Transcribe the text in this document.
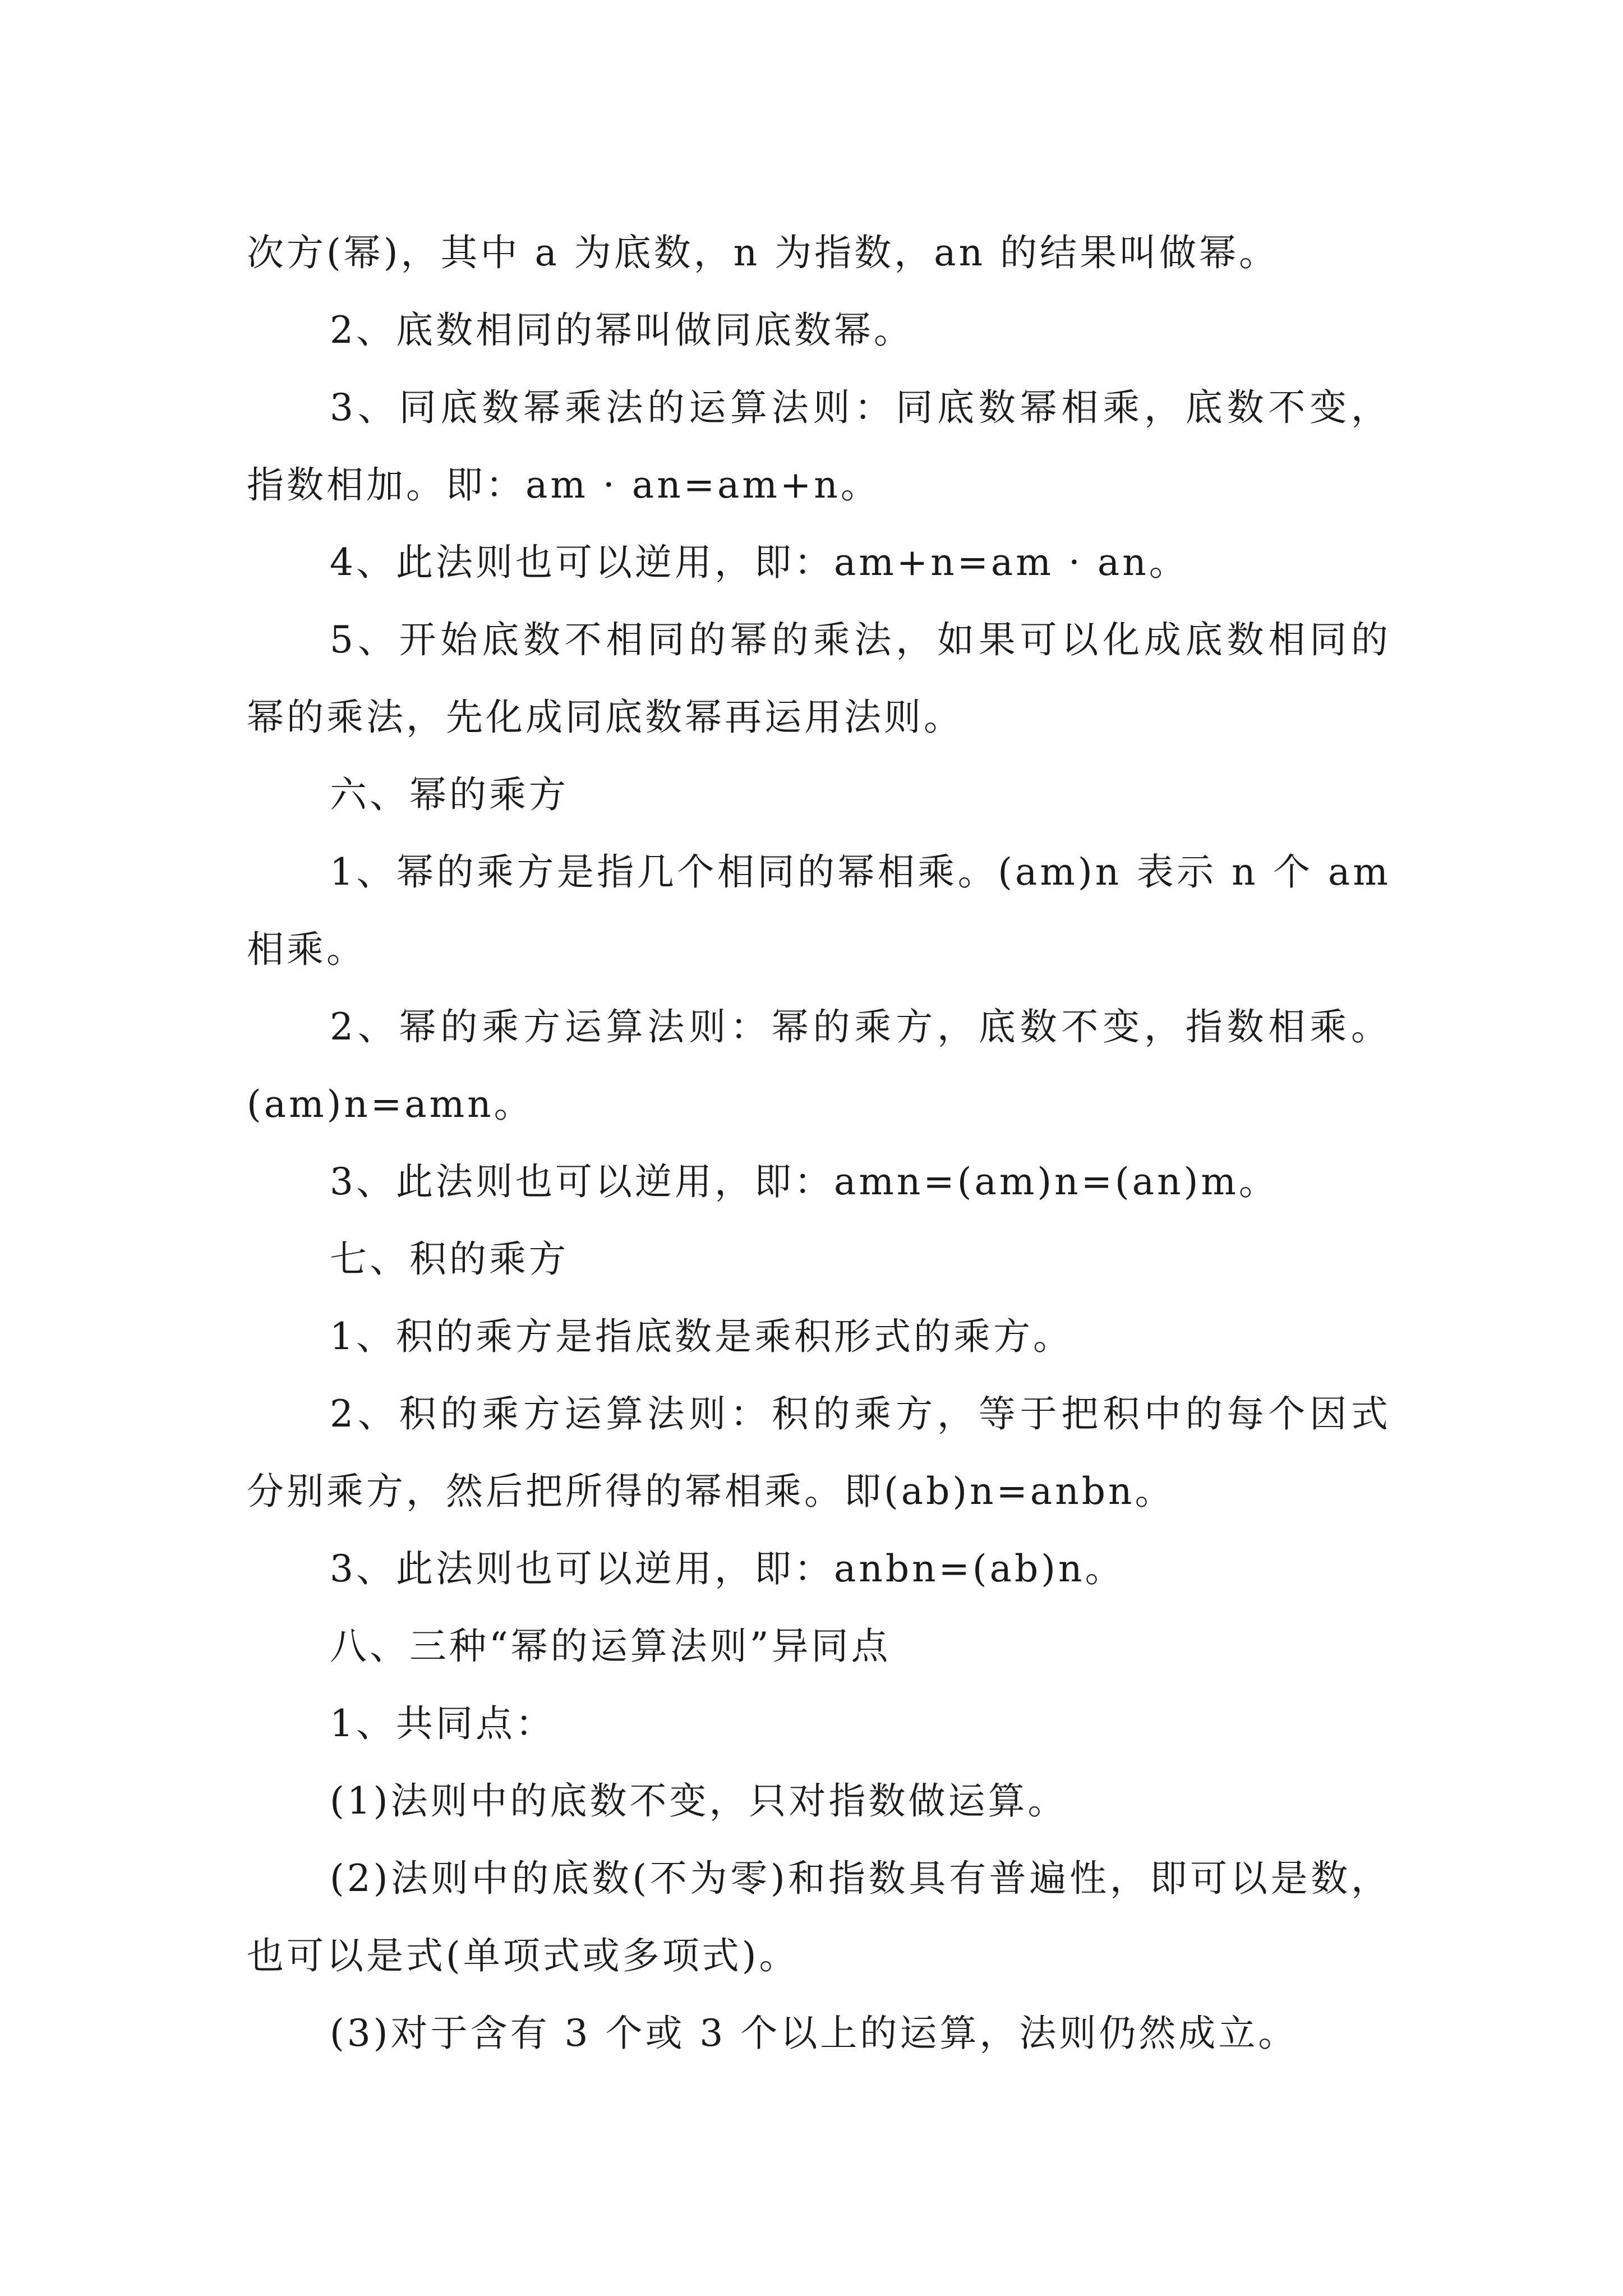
次方(幂)，其中 a 为底数，n 为指数，an 的结果叫做幂。

2、底数相同的幂叫做同底数幂。

3、同底数幂乘法的运算法则：同底数幂相乘，底数不变，指数相加。即：am · an=am+n。

4、此法则也可以逆用，即：am+n=am · an。

5、开始底数不相同的幂的乘法，如果可以化成底数相同的幂的乘法，先化成同底数幂再运用法则。

六、幂的乘方

1、幂的乘方是指几个相同的幂相乘。(am)n 表示 n 个 am 相乘。

2、幂的乘方运算法则：幂的乘方，底数不变，指数相乘。(am)n=amn。

3、此法则也可以逆用，即：amn=(am)n=(an)m。

七、积的乘方

1、积的乘方是指底数是乘积形式的乘方。

2、积的乘方运算法则：积的乘方，等于把积中的每个因式分别乘方，然后把所得的幂相乘。即(ab)n=anbn。

3、此法则也可以逆用，即：anbn=(ab)n。

八、三种“幂的运算法则”异同点

1、共同点：

(1)法则中的底数不变，只对指数做运算。

(2)法则中的底数(不为零)和指数具有普遍性，即可以是数，也可以是式(单项式或多项式)。

(3)对于含有 3 个或 3 个以上的运算，法则仍然成立。
